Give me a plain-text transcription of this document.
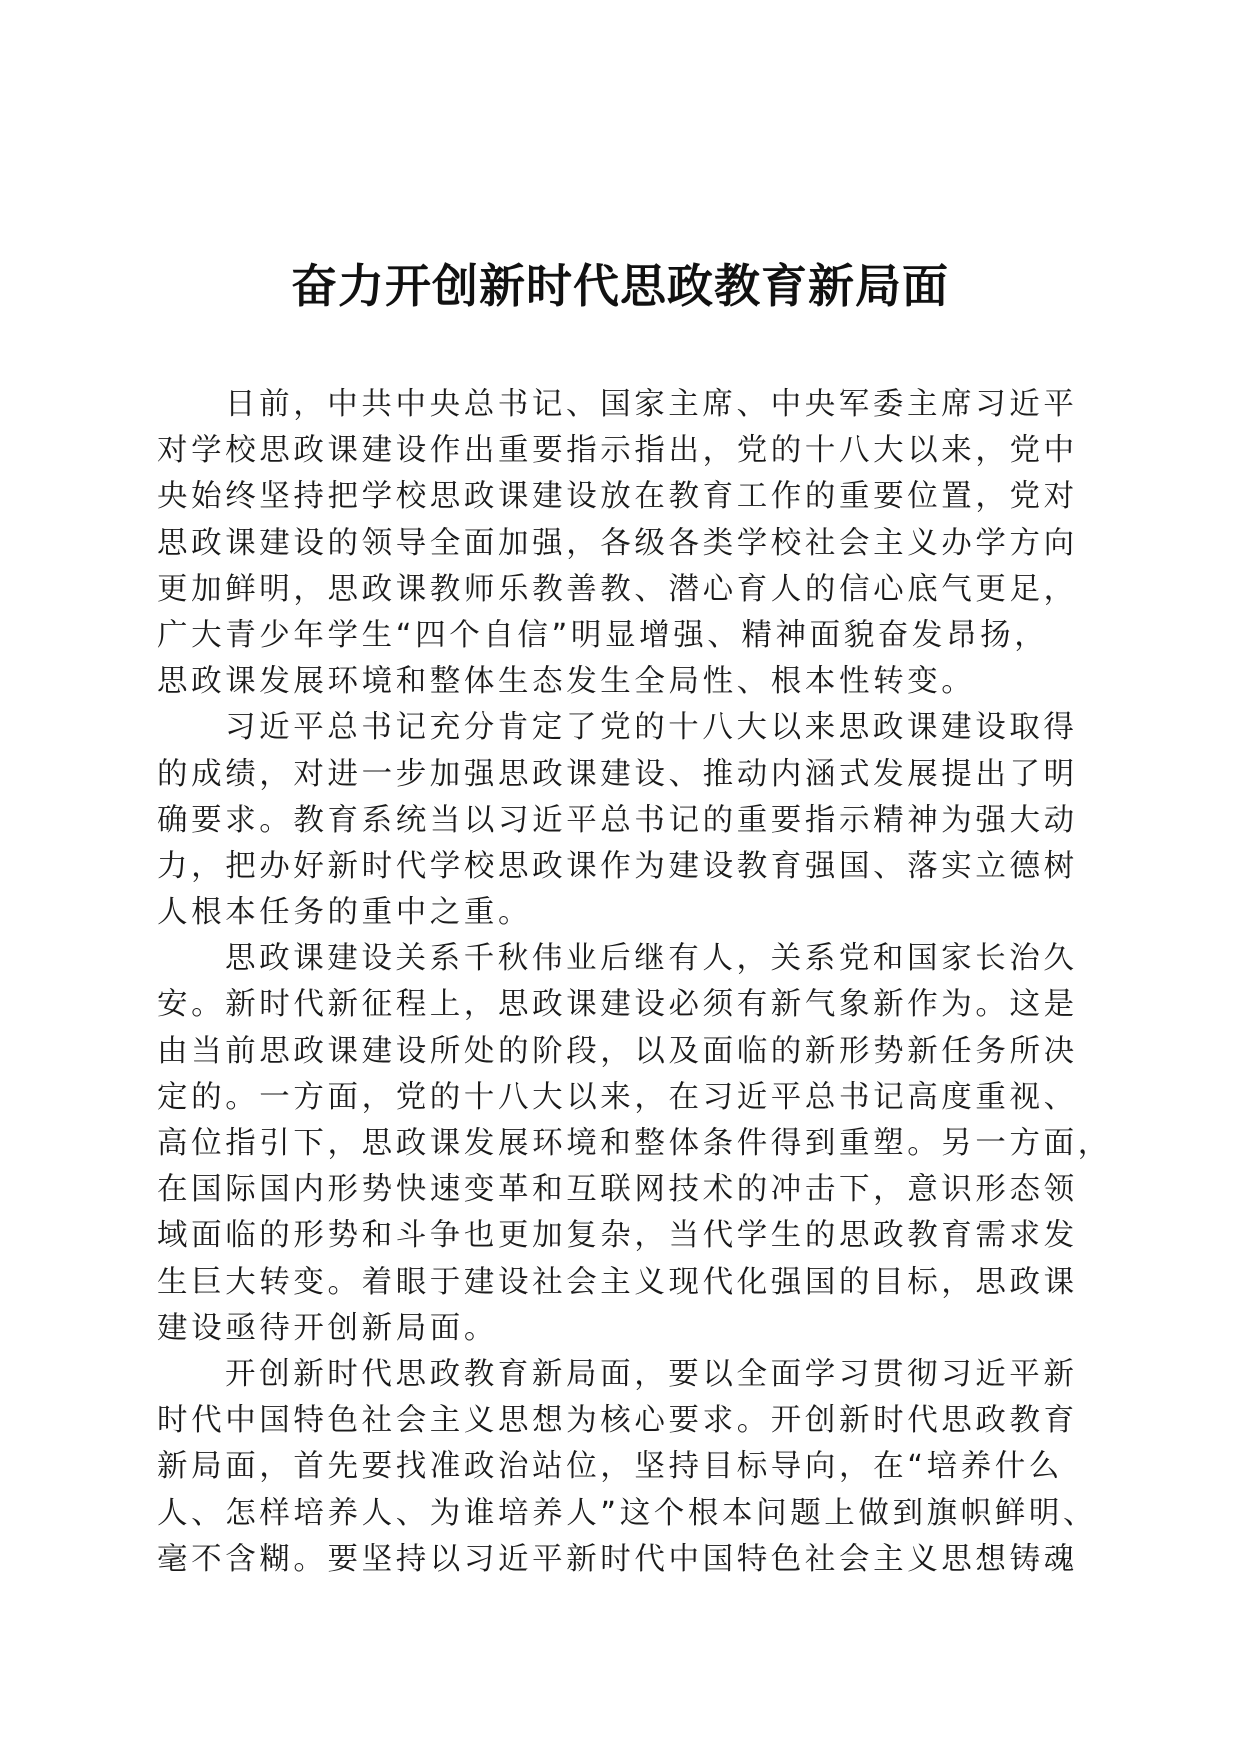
奋力开创新时代思政教育新局面
日前，中共中央总书记、国家主席、中央军委主席习近平
对学校思政课建设作出重要指示指出，党的十八大以来，党中
央始终坚持把学校思政课建设放在教育工作的重要位置，党对
思政课建设的领导全面加强，各级各类学校社会主义办学方向
更加鲜明，思政课教师乐教善教、潜心育人的信心底气更足，
广大青少年学生“四个自信”明显增强、精神面貌奋发昂扬，
思政课发展环境和整体生态发生全局性、根本性转变。
习近平总书记充分肯定了党的十八大以来思政课建设取得
的成绩，对进一步加强思政课建设、推动内涵式发展提出了明
确要求。教育系统当以习近平总书记的重要指示精神为强大动
力，把办好新时代学校思政课作为建设教育强国、落实立德树
人根本任务的重中之重。
思政课建设关系千秋伟业后继有人，关系党和国家长治久
安。新时代新征程上，思政课建设必须有新气象新作为。这是
由当前思政课建设所处的阶段，以及面临的新形势新任务所决
定的。一方面，党的十八大以来，在习近平总书记高度重视、
高位指引下，思政课发展环境和整体条件得到重塑。另一方面，
在国际国内形势快速变革和互联网技术的冲击下，意识形态领
域面临的形势和斗争也更加复杂，当代学生的思政教育需求发
生巨大转变。着眼于建设社会主义现代化强国的目标，思政课
建设亟待开创新局面。
开创新时代思政教育新局面，要以全面学习贯彻习近平新
时代中国特色社会主义思想为核心要求。开创新时代思政教育
新局面，首先要找准政治站位，坚持目标导向，在“培养什么
人、怎样培养人、为谁培养人”这个根本问题上做到旗帜鲜明、
毫不含糊。要坚持以习近平新时代中国特色社会主义思想铸魂
